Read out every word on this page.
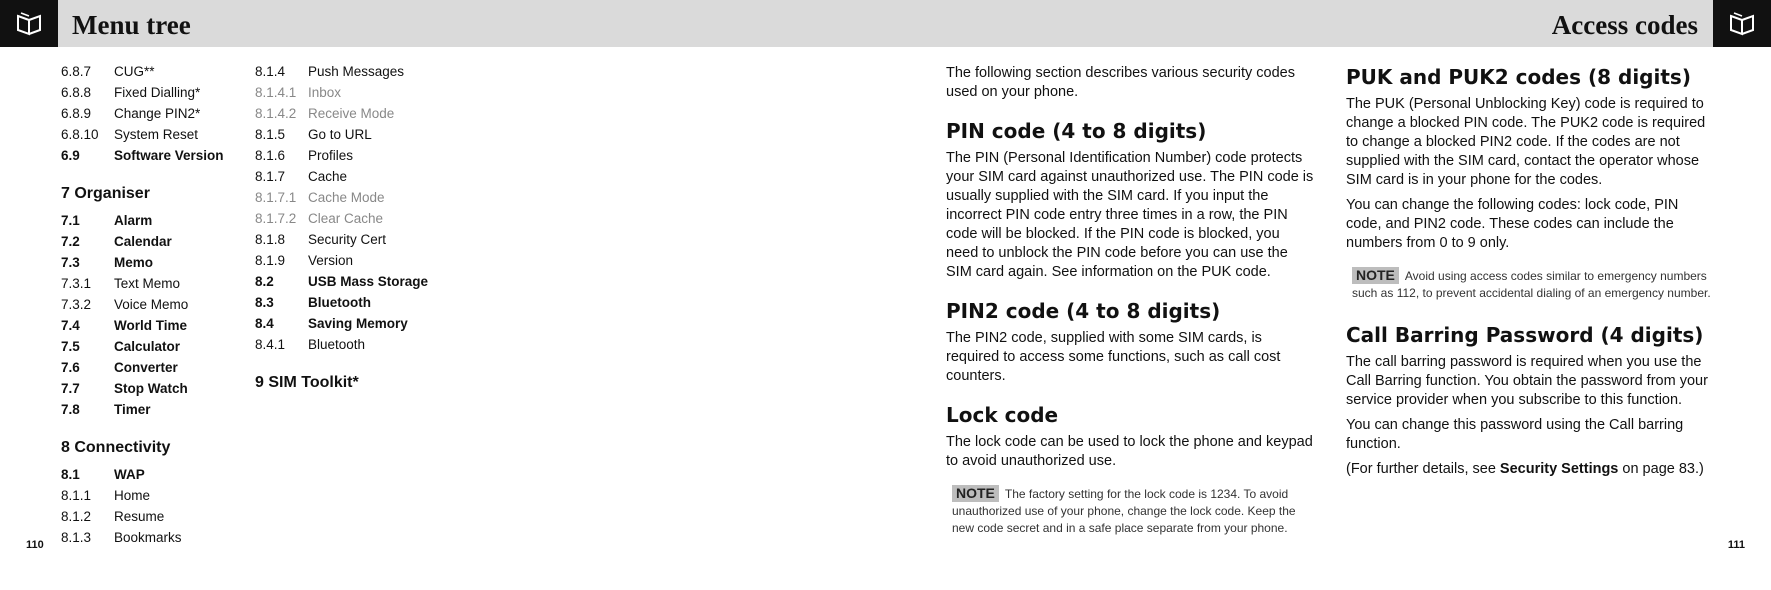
Menu tree	Access codes
6.8.7	CUG**
6.8.8	Fixed Dialling*
6.8.9	Change PIN2*
6.8.10	System Reset
6.9	Software Version
7 Organiser
7.1	Alarm
7.2	Calendar
7.3	Memo
7.3.1	Text Memo
7.3.2	Voice Memo
7.4	World Time
7.5	Calculator
7.6	Converter
7.7	Stop Watch
7.8	Timer
8 Connectivity
8.1	WAP
8.1.1	Home
8.1.2	Resume
8.1.3	Bookmarks
8.1.4	Push Messages
8.1.4.1 Inbox
8.1.4.2 Receive Mode
8.1.5	Go to URL
8.1.6	Profiles
8.1.7	Cache
8.1.7.1 Cache Mode
8.1.7.2 Clear Cache
8.1.8	Security Cert
8.1.9	Version
8.2	USB Mass Storage
8.3	Bluetooth
8.4	Saving Memory
8.4.1	Bluetooth
9 SIM Toolkit*
110	111

The following section describes various security codes used on your phone.

PIN code (4 to 8 digits)

The PIN (Personal Identification Number) code protects your SIM card against unauthorized use. The PIN code is usually supplied with the SIM card. If you input the incorrect PIN code entry three times in a row, the PIN code will be blocked. If the PIN code is blocked, you need to unblock the PIN code before you can use the SIM card again. See information on the PUK code.

PIN2 code (4 to 8 digits)

The PIN2 code, supplied with some SIM cards, is required to access some functions, such as call cost counters.

Lock code

The lock code can be used to lock the phone and keypad to avoid unauthorized use.

NOTE The factory setting for the lock code is 1234. To avoid unauthorized use of your phone, change the lock code. Keep the new code secret and in a safe place separate from your phone.
PUK and PUK2 codes (8 digits)

The PUK (Personal Unblocking Key) code is required to change a blocked PIN code. The PUK2 code is required to change a blocked PIN2 code. If the codes are not supplied with the SIM card, contact the operator whose SIM card is in your phone for the codes.

You can change the following codes: lock code, PIN code, and PIN2 code. These codes can include the numbers from 0 to 9 only.

NOTE Avoid using access codes similar to emergency numbers such as 112, to prevent accidental dialing of an emergency number.
Call Barring Password (4 digits)

The call barring password is required when you use the Call Barring function. You obtain the password from your service provider when you subscribe to this function.

You can change this password using the Call barring function.

(For further details, see Security Settings on page 83.)
